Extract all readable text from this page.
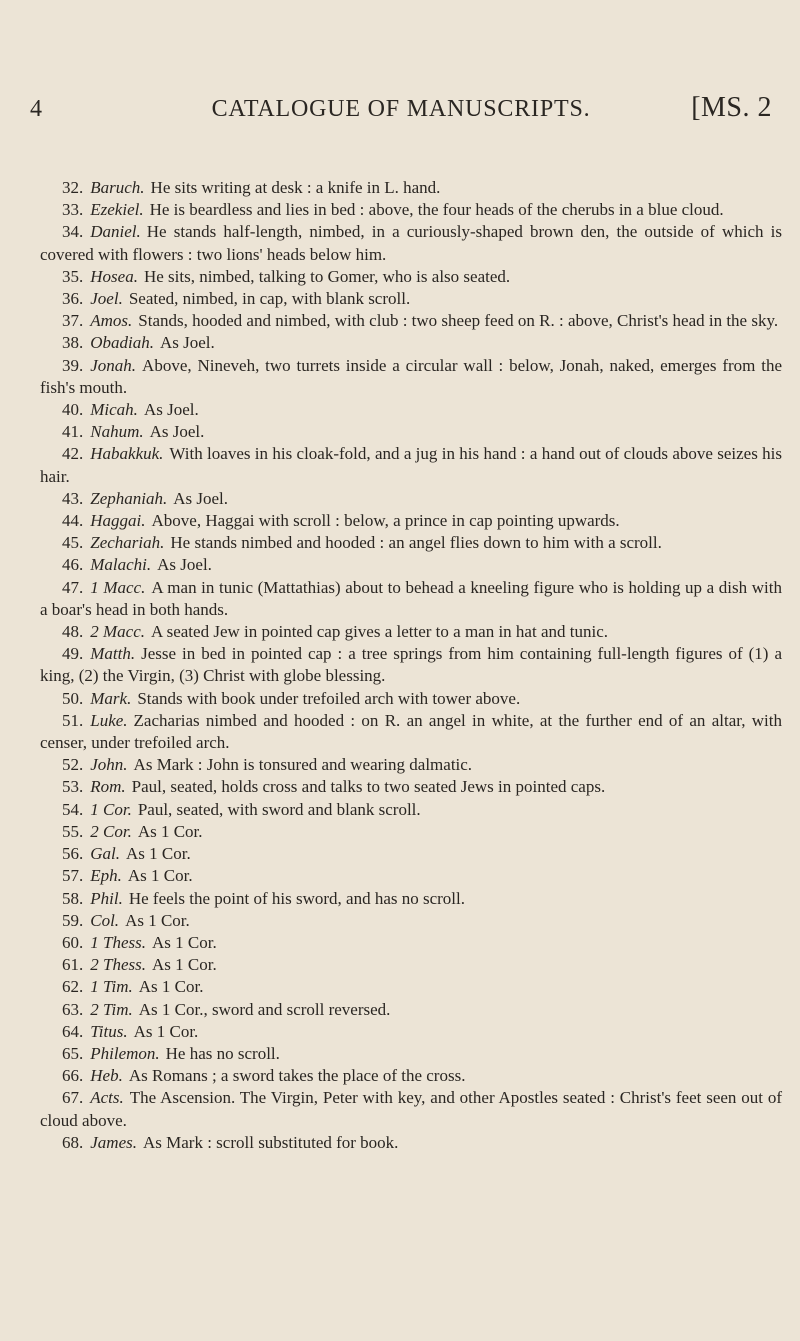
4	CATALOGUE OF MANUSCRIPTS.	[MS. 2

32. Baruch. He sits writing at desk : a knife in L. hand.

33. Ezekiel. He is beardless and lies in bed : above, the four heads of the cherubs in a blue cloud.

34. Daniel. He stands half-length, nimbed, in a curiously-shaped brown den, the outside of which is covered with flowers : two lions' heads below him.

35. Hosea. He sits, nimbed, talking to Gomer, who is also seated.

36. Joel. Seated, nimbed, in cap, with blank scroll.

37. Amos. Stands, hooded and nimbed, with club : two sheep feed on R. : above, Christ's head in the sky.

38. Obadiah. As Joel.

39. Jonah. Above, Nineveh, two turrets inside a circular wall : below, Jonah, naked, emerges from the fish's mouth.

40. Micah. As Joel.

41. Nahum. As Joel.

42. Habakkuk. With loaves in his cloak-fold, and a jug in his hand : a hand out of clouds above seizes his hair.

43. Zephaniah. As Joel.

44. Haggai. Above, Haggai with scroll : below, a prince in cap pointing upwards.

45. Zechariah. He stands nimbed and hooded : an angel flies down to him with a scroll.

46. Malachi. As Joel.

47. 1 Macc. A man in tunic (Mattathias) about to behead a kneeling figure who is holding up a dish with a boar's head in both hands.

48. 2 Macc. A seated Jew in pointed cap gives a letter to a man in hat and tunic.

49. Matth. Jesse in bed in pointed cap : a tree springs from him containing full-length figures of (1) a king, (2) the Virgin, (3) Christ with globe blessing.

50. Mark. Stands with book under trefoiled arch with tower above.

51. Luke. Zacharias nimbed and hooded : on R. an angel in white, at the further end of an altar, with censer, under trefoiled arch.

52. John. As Mark : John is tonsured and wearing dalmatic.

53. Rom. Paul, seated, holds cross and talks to two seated Jews in pointed caps.

54. 1 Cor. Paul, seated, with sword and blank scroll.

55. 2 Cor. As 1 Cor.

56. Gal. As 1 Cor.

57. Eph. As 1 Cor.

58. Phil. He feels the point of his sword, and has no scroll.

59. Col. As 1 Cor.

60. 1 Thess. As 1 Cor.

61. 2 Thess. As 1 Cor.

62. 1 Tim. As 1 Cor.

63. 2 Tim. As 1 Cor., sword and scroll reversed.

64. Titus. As 1 Cor.

65. Philemon. He has no scroll.

66. Heb. As Romans ; a sword takes the place of the cross.

67. Acts. The Ascension. The Virgin, Peter with key, and other Apostles seated : Christ's feet seen out of cloud above.

68. James. As Mark : scroll substituted for book.
